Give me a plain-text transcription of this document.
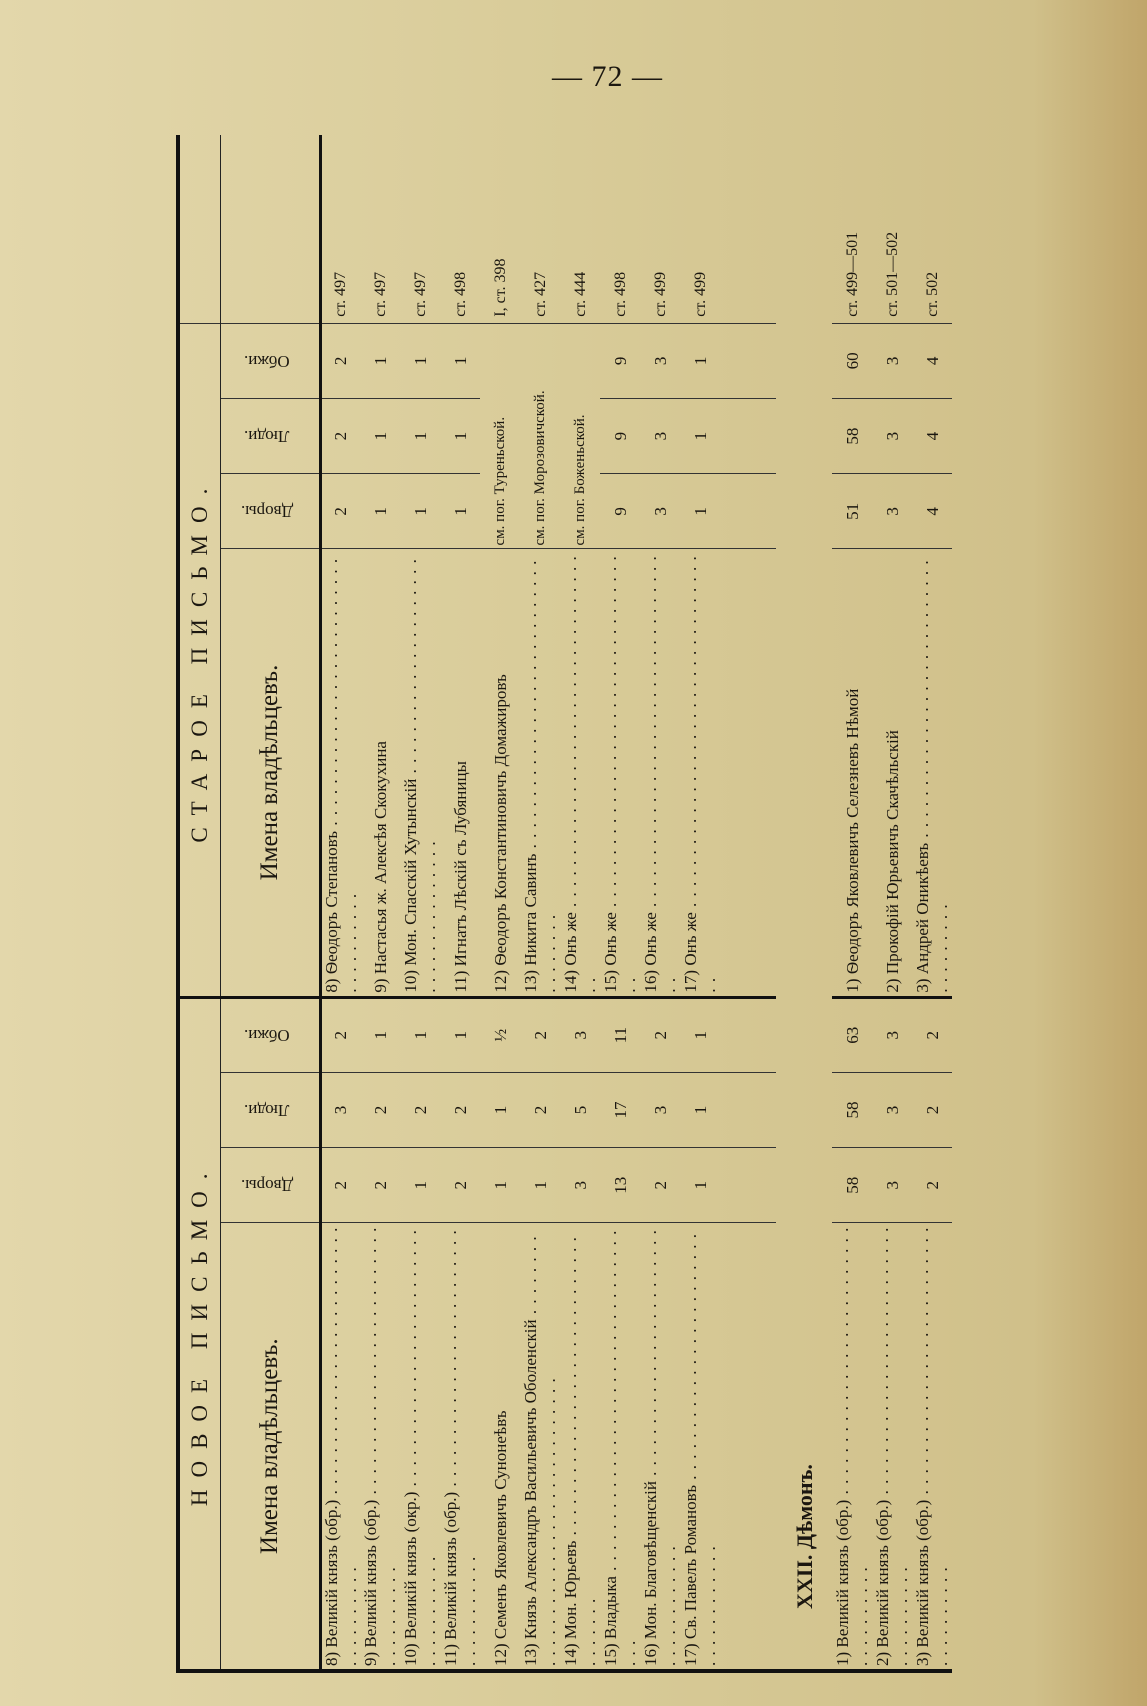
— 72 —
НОВОЕ ПИСЬМО.				СТАРОЕ ПИСЬМО.				
Имена владѣльцевъ.	Дворы.	Люди.	Обжи.	Имена владѣльцевъ.	Дворы.	Люди.	Обжи.	
8) Великій князь (обр.) . . .	2	3	2	8) Ѳеодоръ Степановъ . . .	2	2	2	ст. 497
9) Великій князь (обр.) . . .	2	2	1	9) Настасья ж. Алексѣя Скокухина	1	1	1	ст. 497
10) Великій князь (окр.) . . .	1	2	1	10) Мон. Спасскій Хутынскій . . .	1	1	1	ст. 497
11) Великій князь (обр.) . . .	2	2	1	11) Игнатъ Лѣскій съ Лубяницы	1	1	1	ст. 498
12) Семенъ Яковлевичъ Сунонеѣвъ	1	1	½	12) Ѳеодоръ Константиновичъ Домажировъ	см. пог. Туреньской.			I, ст. 398
13) Князь Александръ Васильевичъ Оболенскій . . .	1	2	2	13) Никита Савинъ . . .	см. пог. Морозовичской.			ст. 427
14) Мон. Юрьевъ . . .	3	5	3	14) Онъ же . . .	см. пог. Боженьской.			ст. 444
15) Владыка . . .	13	17	11	15) Онъ же . . .	9	9	9	ст. 498
16) Мон. Благовѣщенскій . . .	2	3	2	16) Онъ же . . .	3	3	3	ст. 499
17) Св. Павелъ Романовъ . . .	1	1	1	17) Онъ же . . .	1	1	1	ст. 499

XXII. Дѣмонъ.								
1) Великій князь (обр.) . . .	58	58	63	1) Ѳеодоръ Яковлевичъ Селезневъ Нѣмой	51	58	60	ст. 499—501
2) Великій князь (обр.) . . .	3	3	3	2) Прокофій Юрьевичъ Скачѣльскій	3	3	3	ст. 501—502
3) Великій князь (обр.) . . .	2	2	2	3) Андрей Оникѣевъ . . .	4	4	4	ст. 502
